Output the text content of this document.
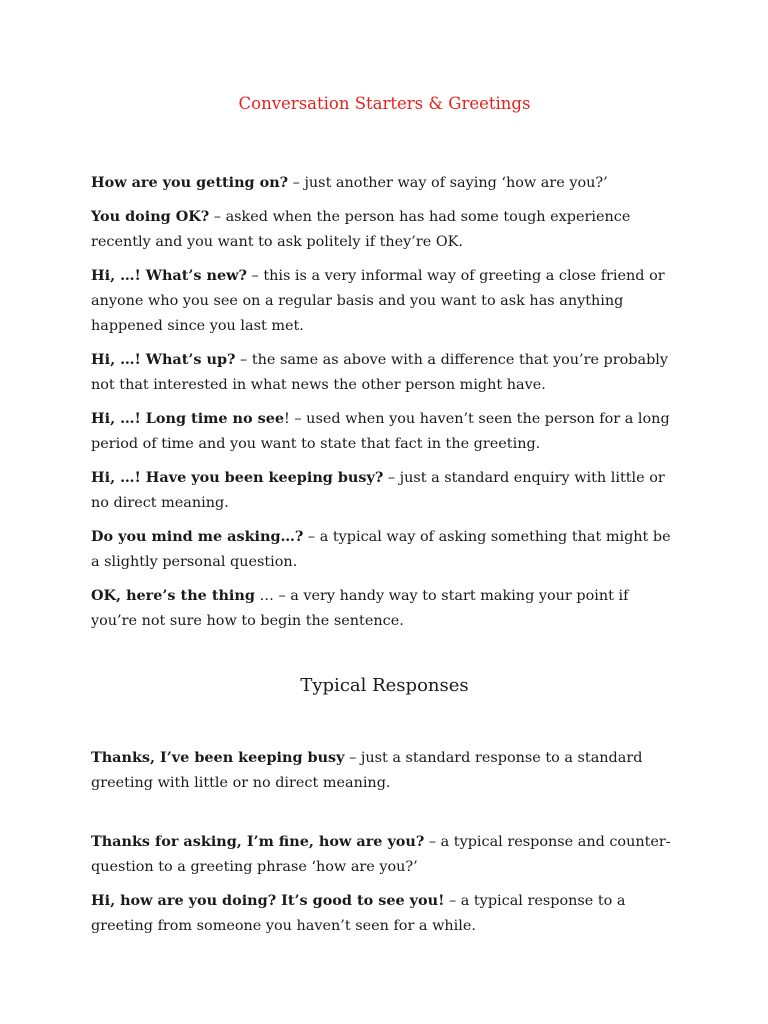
Conversation Starters & Greetings

How are you getting on? – just another way of saying ‘how are you?’

You doing OK? – asked when the person has had some tough experience recently and you want to ask politely if they’re OK.

Hi, …! What’s new? – this is a very informal way of greeting a close friend or anyone who you see on a regular basis and you want to ask has anything happened since you last met.

Hi, …! What’s up? – the same as above with a difference that you’re probably not that interested in what news the other person might have.

Hi, …! Long time no see! – used when you haven’t seen the person for a long period of time and you want to state that fact in the greeting.

Hi, …! Have you been keeping busy? – just a standard enquiry with little or no direct meaning.

Do you mind me asking…? – a typical way of asking something that might be a slightly personal question.

OK, here’s the thing … – a very handy way to start making your point if you’re not sure how to begin the sentence.

Typical Responses

Thanks, I’ve been keeping busy – just a standard response to a standard greeting with little or no direct meaning.

Thanks for asking, I’m fine, how are you? – a typical response and counter-question to a greeting phrase ‘how are you?’

Hi, how are you doing? It’s good to see you! – a typical response to a greeting from someone you haven’t seen for a while.
